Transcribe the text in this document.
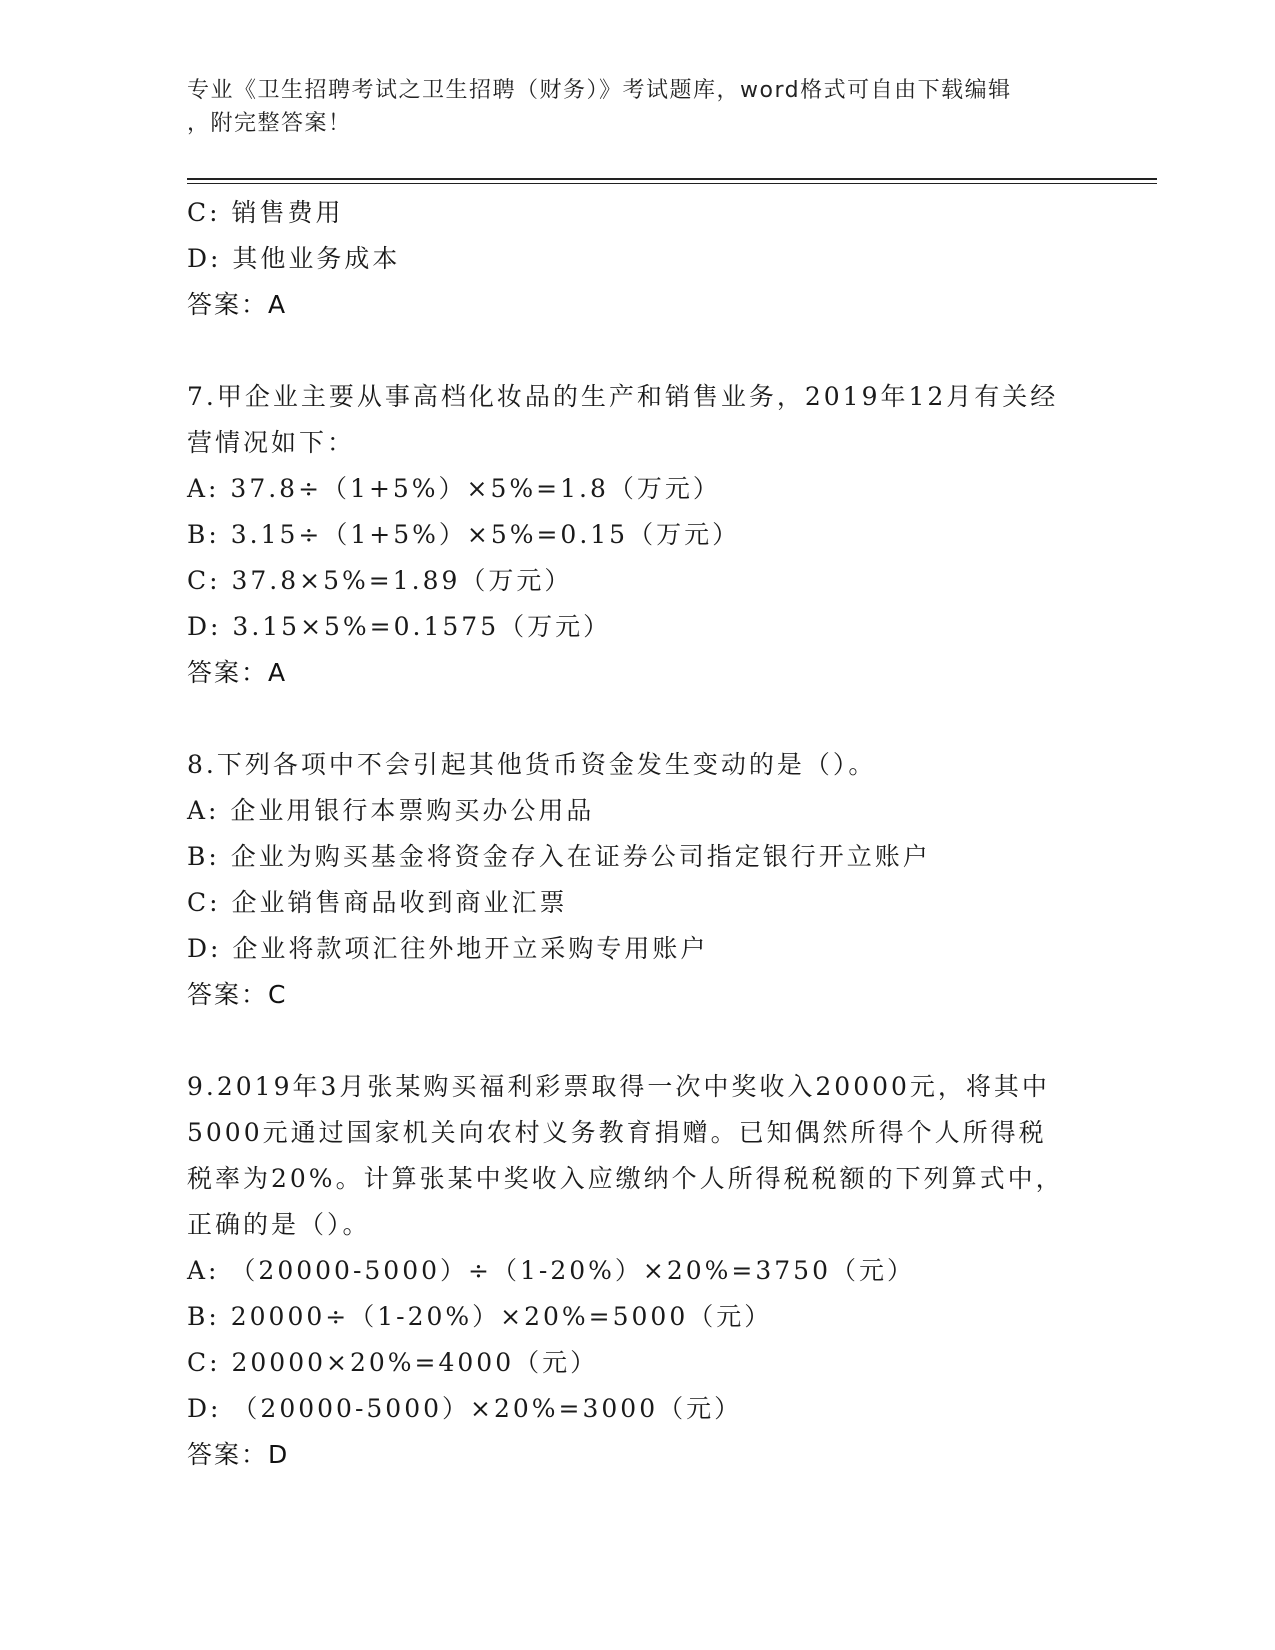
专业《卫生招聘考试之卫生招聘（财务）》考试题库，word格式可自由下载编辑
，附完整答案！
C: 销售费用
D: 其他业务成本
答案：A
7.甲企业主要从事高档化妆品的生产和销售业务，2019年12月有关经
营情况如下：
A: 37.8÷（1+5%）×5%=1.8（万元）
B: 3.15÷（1+5%）×5%=0.15（万元）
C: 37.8×5%=1.89（万元）
D: 3.15×5%=0.1575（万元）
答案：A
8.下列各项中不会引起其他货币资金发生变动的是（）。
A: 企业用银行本票购买办公用品
B: 企业为购买基金将资金存入在证券公司指定银行开立账户
C: 企业销售商品收到商业汇票
D: 企业将款项汇往外地开立采购专用账户
答案：C
9.2019年3月张某购买福利彩票取得一次中奖收入20000元，将其中
5000元通过国家机关向农村义务教育捐赠。已知偶然所得个人所得税
税率为20%。计算张某中奖收入应缴纳个人所得税税额的下列算式中，
正确的是（）。
A: （20000-5000）÷（1-20%）×20%=3750（元）
B: 20000÷（1-20%）×20%=5000（元）
C: 20000×20%=4000（元）
D: （20000-5000）×20%=3000（元）
答案：D
